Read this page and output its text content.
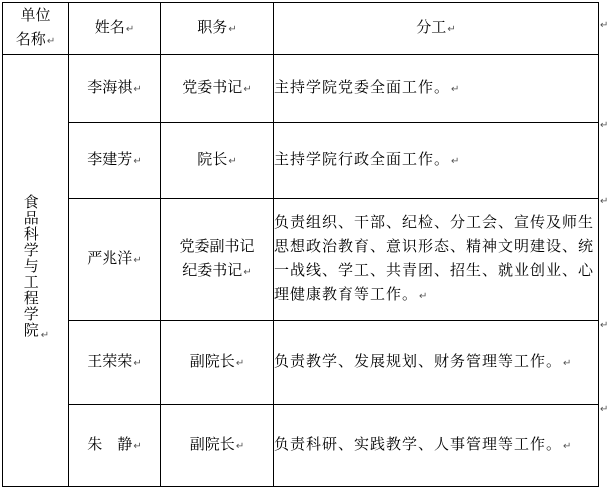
单位
名称↵	姓名↵	职务↵	分工↵
食品科学与工程学院↵	李海祺↵	党委书记↵	主持学院党委全面工作。↵
	李建芳↵	院长↵	主持学院行政全面工作。↵
	严兆洋↵	党委副书记
纪委书记↵	负责组织、干部、纪检、分工会、宣传及师生思想政治教育、意识形态、精神文明建设、统一战线、学工、共青团、招生、就业创业、心理健康教育等工作。↵
	王荣荣↵	副院长↵	负责教学、发展规划、财务管理等工作。↵
	朱　静↵	副院长↵	负责科研、实践教学、人事管理等工作。↵
↵
↵
↵
↵
↵
